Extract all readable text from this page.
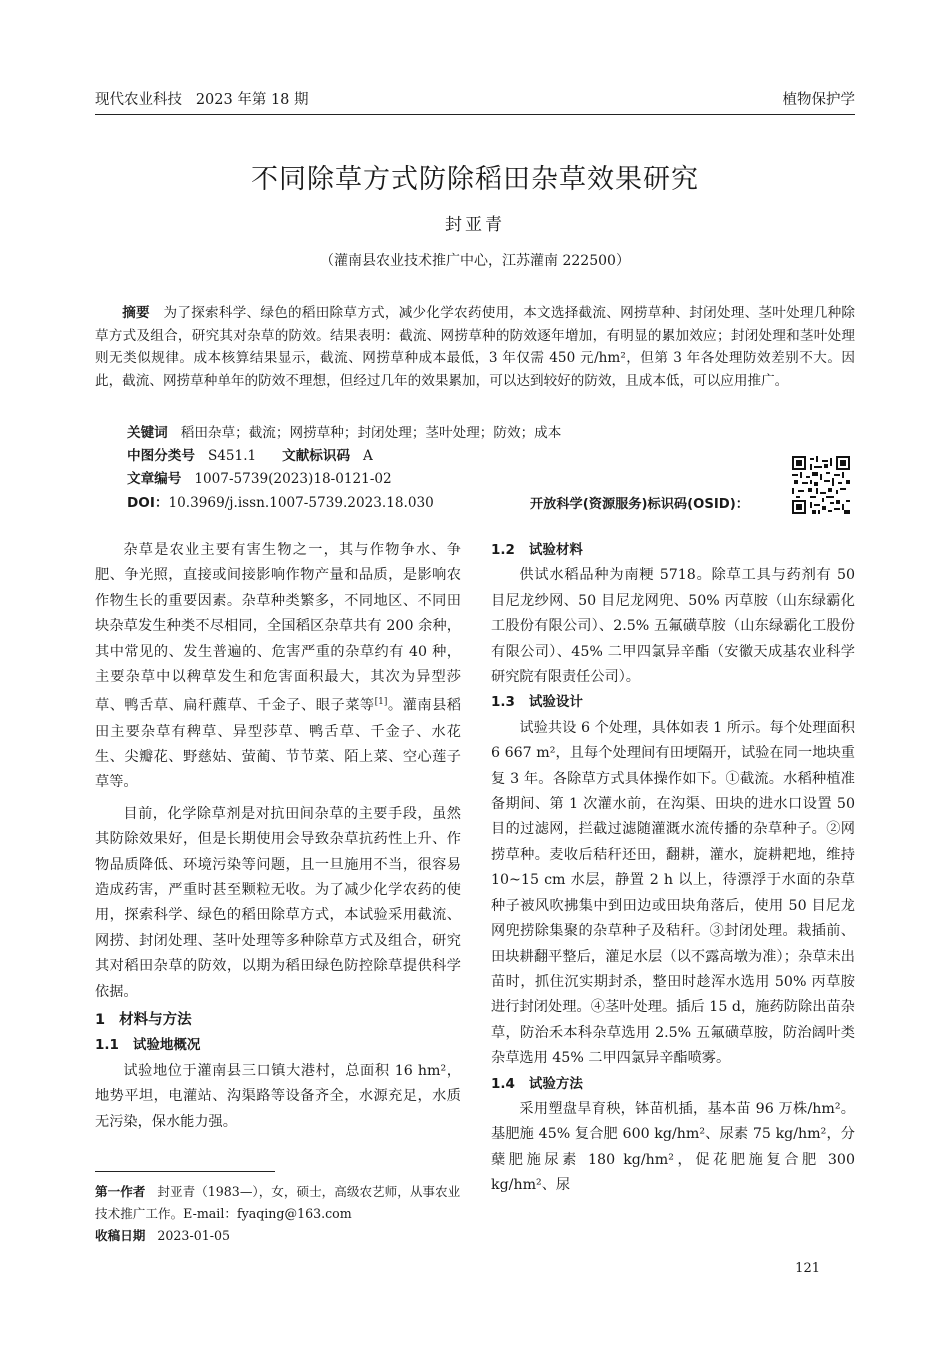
现代农业科技 2023 年第 18 期	植物保护学
不同除草方式防除稻田杂草效果研究
封亚青
（灌南县农业技术推广中心，江苏灌南 222500）
摘要 为了探索科学、绿色的稻田除草方式，减少化学农药使用，本文选择截流、网捞草种、封闭处理、茎叶处理几种除草方式及组合，研究其对杂草的防效。结果表明：截流、网捞草种的防效逐年增加，有明显的累加效应；封闭处理和茎叶处理则无类似规律。成本核算结果显示，截流、网捞草种成本最低，3 年仅需 450 元/hm²，但第 3 年各处理防效差别不大。因此，截流、网捞草种单年的防效不理想，但经过几年的效果累加，可以达到较好的防效，且成本低，可以应用推广。
关键词 稻田杂草；截流；网捞草种；封闭处理；茎叶处理；防效；成本
中图分类号 S451.1 文献标识码 A
文章编号 1007-5739(2023)18-0121-02
DOI：10.3969/j.issn.1007-5739.2023.18.030	开放科学(资源服务)标识码(OSID)：

杂草是农业主要有害生物之一，其与作物争水、争肥、争光照，直接或间接影响作物产量和品质，是影响农作物生长的重要因素。杂草种类繁多，不同地区、不同田块杂草发生种类不尽相同，全国稻区杂草共有 200 余种，其中常见的、发生普遍的、危害严重的杂草约有 40 种，主要杂草中以稗草发生和危害面积最大，其次为异型莎草、鸭舌草、扁秆藨草、千金子、眼子菜等[1]。灌南县稻田主要杂草有稗草、异型莎草、鸭舌草、千金子、水花生、尖瓣花、野慈姑、萤蔺、节节菜、陌上菜、空心莲子草等。

目前，化学除草剂是对抗田间杂草的主要手段，虽然其防除效果好，但是长期使用会导致杂草抗药性上升、作物品质降低、环境污染等问题，且一旦施用不当，很容易造成药害，严重时甚至颗粒无收。为了减少化学农药的使用，探索科学、绿色的稻田除草方式，本试验采用截流、网捞、封闭处理、茎叶处理等多种除草方式及组合，研究其对稻田杂草的防效，以期为稻田绿色防控除草提供科学依据。

1 材料与方法
1.1 试验地概况

试验地位于灌南县三口镇大港村，总面积 16 hm²，地势平坦，电灌站、沟渠路等设备齐全，水源充足，水质无污染，保水能力强。

第一作者 封亚青（1983—），女，硕士，高级农艺师，从事农业技术推广工作。E-mail：fyaqing@163.com

收稿日期 2023-01-05

1.2 试验材料

供试水稻品种为南粳 5718。除草工具与药剂有 50 目尼龙纱网、50 目尼龙网兜、50% 丙草胺（山东绿霸化工股份有限公司）、2.5% 五氟磺草胺（山东绿霸化工股份有限公司）、45% 二甲四氯异辛酯（安徽天成基农业科学研究院有限责任公司）。

1.3 试验设计

试验共设 6 个处理，具体如表 1 所示。每个处理面积 6 667 m²，且每个处理间有田埂隔开，试验在同一地块重复 3 年。各除草方式具体操作如下。①截流。水稻种植准备期间、第 1 次灌水前，在沟渠、田块的进水口设置 50 目的过滤网，拦截过滤随灌溉水流传播的杂草种子。②网捞草种。麦收后秸秆还田，翻耕，灌水，旋耕耙地，维持 10~15 cm 水层，静置 2 h 以上，待漂浮于水面的杂草种子被风吹拂集中到田边或田块角落后，使用 50 目尼龙网兜捞除集聚的杂草种子及秸秆。③封闭处理。栽插前、田块耕翻平整后，灌足水层（以不露高墩为准）；杂草未出苗时，抓住沉实期封杀，整田时趁浑水选用 50% 丙草胺进行封闭处理。④茎叶处理。插后 15 d，施药防除出苗杂草，防治禾本科杂草选用 2.5% 五氟磺草胺，防治阔叶类杂草选用 45% 二甲四氯异辛酯喷雾。

1.4 试验方法

采用塑盘旱育秧，钵苗机插，基本苗 96 万株/hm²。基肥施 45% 复合肥 600 kg/hm²、尿素 75 kg/hm²，分蘖肥施尿素 180 kg/hm²，促花肥施复合肥 300 kg/hm²、尿

121
